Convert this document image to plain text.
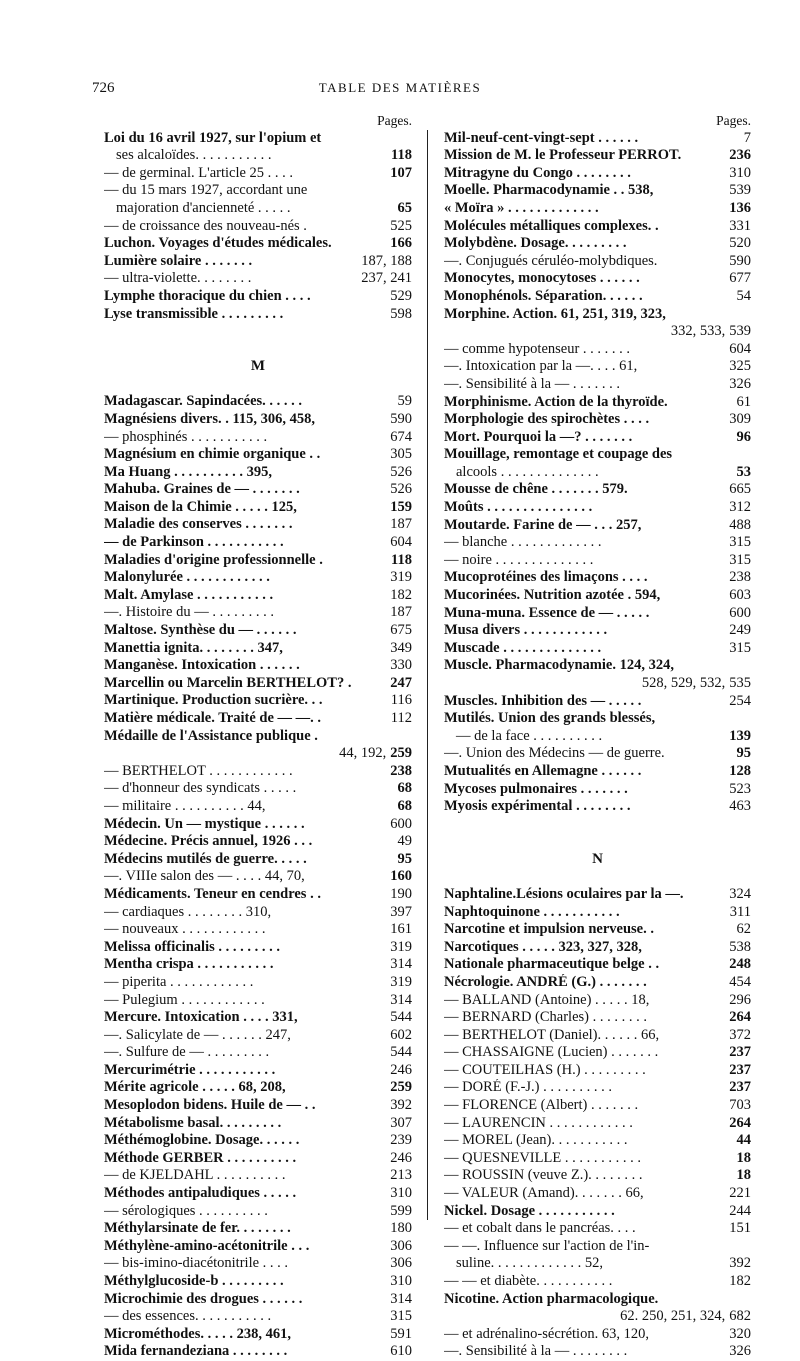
726	TABLE DES MATIÈRES
Pages.
Loi du 16 avril 1927, sur l'opium et
ses alcaloïdes. . . . . . . . . . .	118
— de germinal. L'article 25 . . . .	107
— du 15 mars 1927, accordant une
majoration d'ancienneté . . . . .	65
— de croissance des nouveau-nés .	525
Luchon. Voyages d'études médicales.	166
Lumière solaire . . . . . . .	187, 188
— ultra-violette. . . . . . . .	237, 241
Lymphe thoracique du chien . . . .	529
Lyse transmissible . . . . . . . . .	598
M
Madagascar. Sapindacées. . . . . .	59
Magnésiens divers. . 115, 306, 458,	590
— phosphinés . . . . . . . . . . .	674
Magnésium en chimie organique . .	305
Ma Huang . . . . . . . . . . 395,	526
Mahuba. Graines de — . . . . . . .	526
Maison de la Chimie . . . . . 125,	159
Maladie des conserves . . . . . . .	187
— de Parkinson . . . . . . . . . . .	604
Maladies d'origine professionnelle .	118
Malonylurée . . . . . . . . . . . .	319
Malt. Amylase . . . . . . . . . . .	182
—. Histoire du — . . . . . . . . .	187
Maltose. Synthèse du — . . . . . .	675
Manettia ignita. . . . . . . . 347,	349
Manganèse. Intoxication . . . . . .	330
Marcellin ou Marcelin BERTHELOT? .	247
Martinique. Production sucrière. . .	116
Matière médicale. Traité de — —. .	112
Médaille de l'Assistance publique .
44, 192, 259
— BERTHELOT . . . . . . . . . . . .	238
— d'honneur des syndicats . . . . .	68
— militaire . . . . . . . . . . 44,	68
Médecin. Un — mystique . . . . . .	600
Médecine. Précis annuel, 1926 . . .	49
Médecins mutilés de guerre. . . . .	95
—. VIIIe salon des — . . . . 44, 70,	160
Médicaments. Teneur en cendres . .	190
— cardiaques . . . . . . . . 310,	397
— nouveaux . . . . . . . . . . . .	161
Melissa officinalis . . . . . . . . .	319
Mentha crispa . . . . . . . . . . .	314
— piperita . . . . . . . . . . . .	319
— Pulegium . . . . . . . . . . . .	314
Mercure. Intoxication . . . . 331,	544
—. Salicylate de — . . . . . . 247,	602
—. Sulfure de — . . . . . . . . .	544
Mercurimétrie . . . . . . . . . . .	246
Mérite agricole . . . . . 68, 208,	259
Mesoplodon bidens. Huile de — . .	392
Métabolisme basal. . . . . . . . .	307
Méthémoglobine. Dosage. . . . . .	239
Méthode GERBER . . . . . . . . . .	246
— de KJELDAHL . . . . . . . . . .	213
Méthodes antipaludiques . . . . .	310
— sérologiques . . . . . . . . . .	599
Méthylarsinate de fer. . . . . . . .	180
Méthylène-amino-acétonitrile . . .	306
— bis-imino-diacétonitrile . . . .	306
Méthylglucoside-b . . . . . . . . .	310
Microchimie des drogues . . . . . .	314
— des essences. . . . . . . . . . .	315
Microméthodes. . . . . 238, 461,	591
Mida fernandeziana . . . . . . . .	610
Pages.
Mil-neuf-cent-vingt-sept . . . . . .	7
Mission de M. le Professeur PERROT.	236
Mitragyne du Congo . . . . . . . .	310
Moelle. Pharmacodynamie . . 538,	539
« Moïra » . . . . . . . . . . . . .	136
Molécules métalliques complexes. .	331
Molybdène. Dosage. . . . . . . . .	520
—. Conjugués céruléo-molybdiques.	590
Monocytes, monocytoses . . . . . .	677
Monophénols. Séparation. . . . . .	54
Morphine. Action. 61, 251, 319, 323,
332, 533, 539
— comme hypotenseur . . . . . . .	604
—. Intoxication par la —. . . . 61,	325
—. Sensibilité à la — . . . . . . .	326
Morphinisme. Action de la thyroïde.	61
Morphologie des spirochètes . . . .	309
Mort. Pourquoi la —? . . . . . . .	96
Mouillage, remontage et coupage des
alcools . . . . . . . . . . . . . .	53
Mousse de chêne . . . . . . . 579.	665
Moûts . . . . . . . . . . . . . . .	312
Moutarde. Farine de — . . . 257,	488
— blanche . . . . . . . . . . . . .	315
— noire . . . . . . . . . . . . . .	315
Mucoprotéines des limaçons . . . .	238
Mucorinées. Nutrition azotée . 594,	603
Muna-muna. Essence de — . . . . .	600
Musa divers . . . . . . . . . . . .	249
Muscade . . . . . . . . . . . . . .	315
Muscle. Pharmacodynamie. 124, 324,
528, 529, 532, 535
Muscles. Inhibition des — . . . . .	254
Mutilés. Union des grands blessés,
— de la face . . . . . . . . . .	139
—. Union des Médecins — de guerre.	95
Mutualités en Allemagne . . . . . .	128
Mycoses pulmonaires . . . . . . .	523
Myosis expérimental . . . . . . . .	463
N
Naphtaline.Lésions oculaires par la —.	324
Naphtoquinone . . . . . . . . . . .	311
Narcotine et impulsion nerveuse. .	62
Narcotiques . . . . . 323, 327, 328,	538
Nationale pharmaceutique belge . .	248
Nécrologie. ANDRÉ (G.) . . . . . . .	454
— BALLAND (Antoine) . . . . . 18,	296
— BERNARD (Charles) . . . . . . . .	264
— BERTHELOT (Daniel). . . . . . 66,	372
— CHASSAIGNE (Lucien) . . . . . . .	237
— COUTEILHAS (H.) . . . . . . . . .	237
— DORÉ (F.-J.) . . . . . . . . . .	237
— FLORENCE (Albert) . . . . . . .	703
— LAURENCIN . . . . . . . . . . . .	264
— MOREL (Jean). . . . . . . . . . .	44
— QUESNEVILLE . . . . . . . . . . .	18
— ROUSSIN (veuve Z.). . . . . . . .	18
— VALEUR (Amand). . . . . . . 66,	221
Nickel. Dosage . . . . . . . . . . .	244
— et cobalt dans le pancréas. . . .	151
— —. Influence sur l'action de l'in-
suline. . . . . . . . . . . . . 52,	392
— — et diabète. . . . . . . . . . .	182
Nicotine. Action pharmacologique.
62. 250, 251, 324, 682
— et adrénalino-sécrétion. 63, 120,	320
—. Sensibilité à la — . . . . . . . .	326
